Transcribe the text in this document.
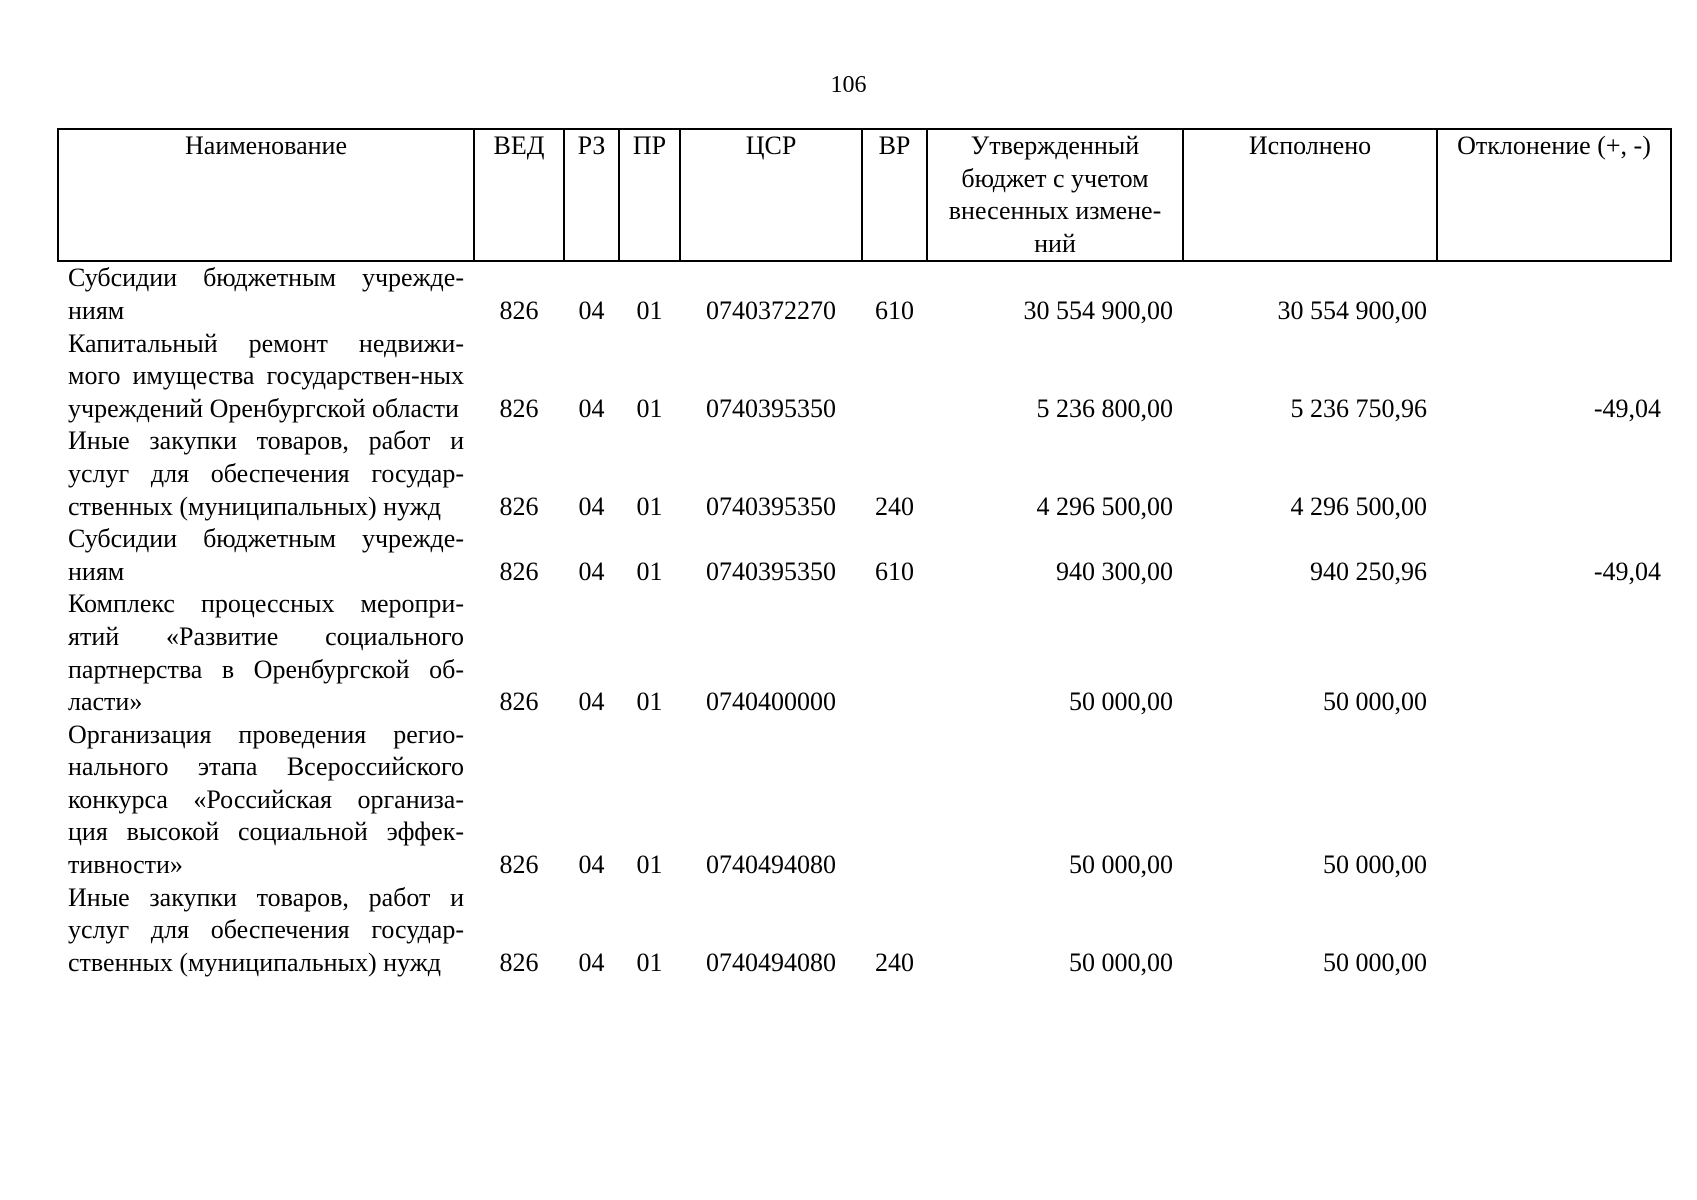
106
Наименование	ВЕД	РЗ	ПР	ЦСР	ВР	Утвержденный бюджет с учетом внесенных измене-ний	Исполнено	Отклонение (+, -)
Субсидии бюджетным учрежде-ниям	826	04	01	0740372270	610	30 554 900,00	30 554 900,00	
Капитальный ремонт недвижи-мого имущества государствен-ных учреждений Оренбургской области	826	04	01	0740395350		5 236 800,00	5 236 750,96	-49,04
Иные закупки товаров, работ и услуг для обеспечения государ-ственных (муниципальных) нужд	826	04	01	0740395350	240	4 296 500,00	4 296 500,00	
Субсидии бюджетным учрежде-ниям	826	04	01	0740395350	610	940 300,00	940 250,96	-49,04
Комплекс процессных меропри-ятий «Развитие социального партнерства в Оренбургской об-ласти»	826	04	01	0740400000		50 000,00	50 000,00	
Организация проведения регио-нального этапа Всероссийского конкурса «Российская организа-ция высокой социальной эффек-тивности»	826	04	01	0740494080		50 000,00	50 000,00	
Иные закупки товаров, работ и услуг для обеспечения государ-ственных (муниципальных) нужд	826	04	01	0740494080	240	50 000,00	50 000,00	
